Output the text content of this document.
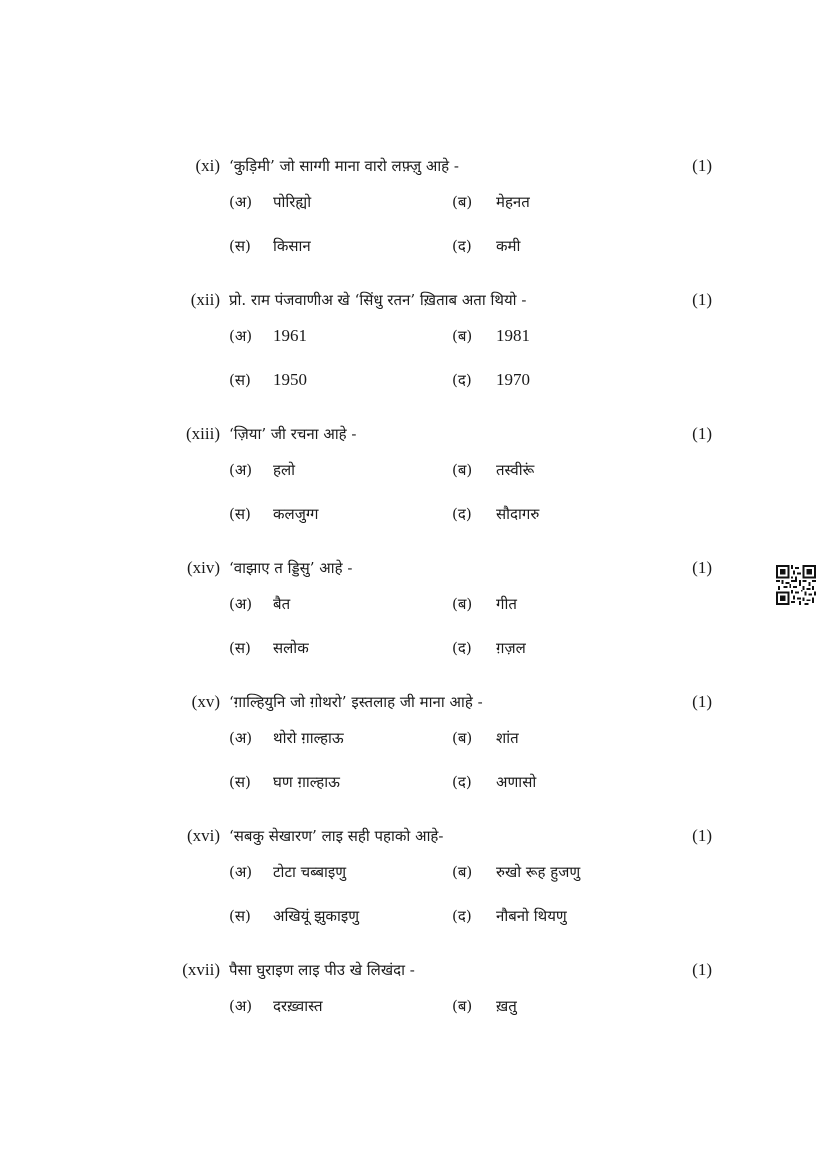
(xi) ‘कुड़िमी’ जो साग्गी माना वारो लफ़्ज़ु आहे -	(1)
(अ) पोरिह्यो	(ब) मेहनत
(स) किसान	(द) कमी
(xii) प्रो. राम पंजवाणीअ खे ‘सिंधु रतन’ ख़िताब अता थियो -	(1)
(अ) 1961	(ब) 1981
(स) 1950	(द) 1970
(xiii) ‘ज़िया’ जी रचना आहे -	(1)
(अ) हलो	(ब) तस्वीरूं
(स) कलजुग्ग	(द) सौदागरु
(xiv) ‘वाझाए त ड्डिसु’ आहे -	(1)
(अ) बैत	(ब) गीत
(स) सलोक	(द) ग़ज़ल
(xv) ‘ग़ाल्हियुनि जो ग़ोथरो’ इस्तलाह जी माना आहे -	(1)
(अ) थोरो ग़ाल्हाऊ	(ब) शांत
(स) घण ग़ाल्हाऊ	(द) अणासो
(xvi) ‘सबकु सेखारण’ लाइ सही पहाको आहे-	(1)
(अ) टोटा चब्बाइणु	(ब) रुखो रूह हुजणु
(स) अखियूं झुकाइणु	(द) नौबनो थियणु
(xvii) पैसा घुराइण लाइ पीउ खे लिखंदा -	(1)
(अ) दरख़्वास्त	(ब) ख़तु
